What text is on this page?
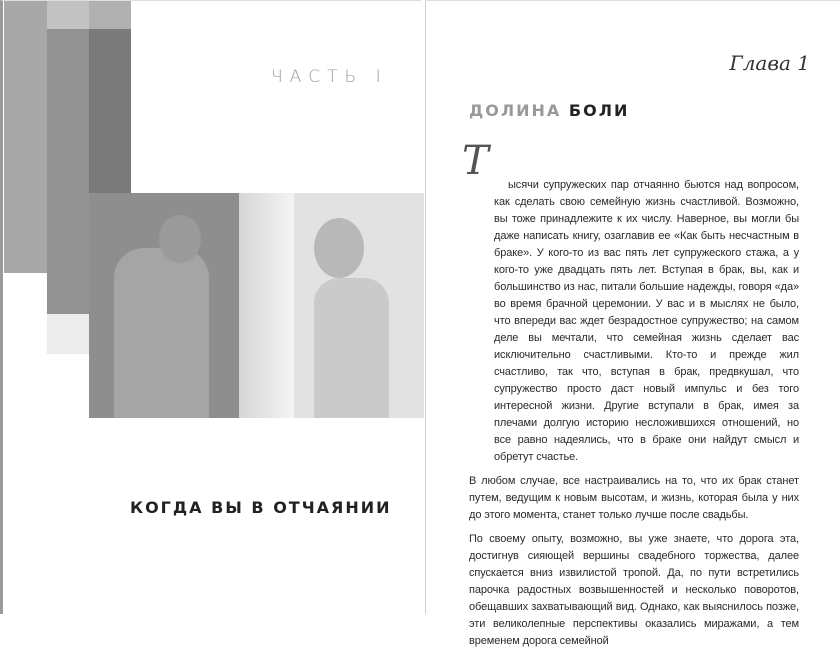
ЧАСТЬ I
КОГДА ВЫ В ОТЧАЯНИИ
Глава 1
ДОЛИНА БОЛИ
Т

ысячи супружеских пар отчаянно бьются над вопросом, как сделать свою семейную жизнь счастливой. Возможно, вы тоже принадлежите к их числу. Наверное, вы могли бы даже написать книгу, озаглавив ее «Как быть несчастным в браке». У кого-то из вас пять лет супружеского стажа, а у кого-то уже двадцать пять лет. Вступая в брак, вы, как и большинство из нас, питали большие надежды, говоря «да» во время брачной церемонии. У вас и в мыслях не было, что впереди вас ждет безрадостное супружество; на самом деле вы мечтали, что семейная жизнь сделает вас исключительно счастливыми. Кто-то и прежде жил счастливо, так что, вступая в брак, предвкушал, что супружество просто даст новый импульс и без того интересной жизни. Другие вступали в брак, имея за плечами долгую историю несложившихся отношений, но все равно надеялись, что в браке они найдут смысл и обретут счастье.

В любом случае, все настраивались на то, что их брак станет путем, ведущим к новым высотам, и жизнь, которая была у них до этого момента, станет только лучше после свадьбы.

По своему опыту, возможно, вы уже знаете, что дорога эта, достигнув сияющей вершины свадебного торжества, далее спускается вниз извилистой тропой. Да, по пути встретились парочка радостных возвышенностей и несколько поворотов, обещавших захватывающий вид. Однако, как выяснилось позже, эти великолепные перспективы оказались миражами, а тем временем дорога семейной
